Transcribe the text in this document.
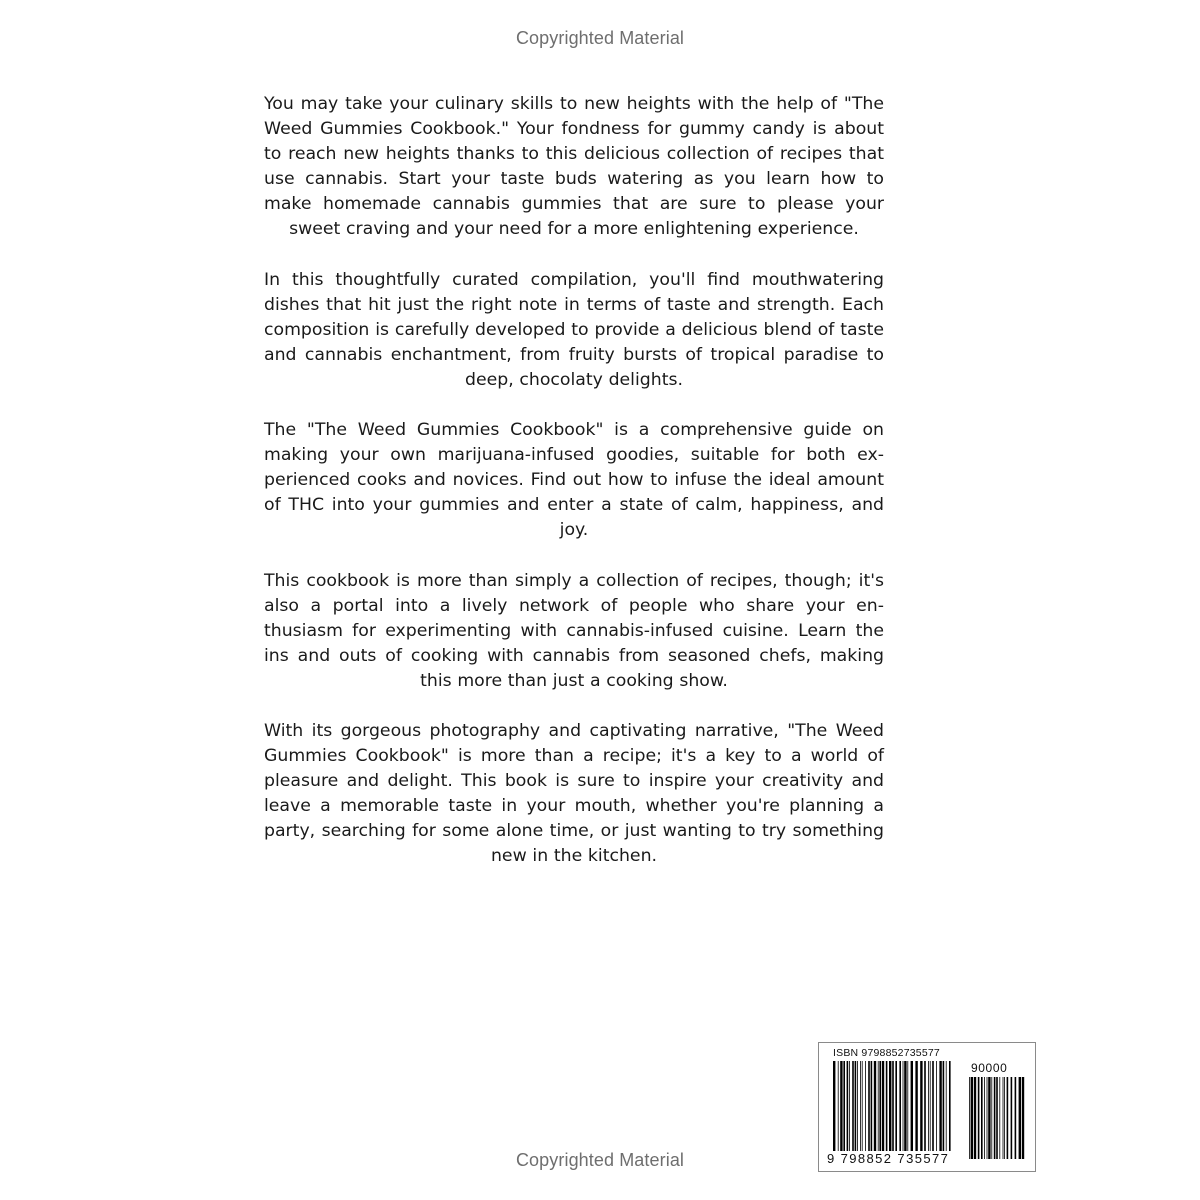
Copyrighted Material

You may take your culinary skills to new heights with the help of "The Weed Gummies Cookbook." Your fondness for gummy candy is about to reach new heights thanks to this delicious collection of recipes that use cannabis. Start your taste buds watering as you learn how to make homemade cannabis gummies that are sure to please your sweet craving and your need for a more enlightening experience.

In this thoughtfully curated compilation, you'll find mouthwatering dishes that hit just the right note in terms of taste and strength. Each composition is carefully developed to provide a delicious blend of taste and cannabis enchantment, from fruity bursts of tropical paradise to deep, chocolaty delights.

The "The Weed Gummies Cookbook" is a comprehensive guide on making your own marijuana-infused goodies, suitable for both experienced cooks and novices. Find out how to infuse the ideal amount of THC into your gummies and enter a state of calm, happiness, and joy.

This cookbook is more than simply a collection of recipes, though; it's also a portal into a lively network of people who share your enthusiasm for experimenting with cannabis-infused cuisine. Learn the ins and outs of cooking with cannabis from seasoned chefs, making this more than just a cooking show.

With its gorgeous photography and captivating narrative, "The Weed Gummies Cookbook" is more than a recipe; it's a key to a world of pleasure and delight. This book is sure to inspire your creativity and leave a memorable taste in your mouth, whether you're planning a party, searching for some alone time, or just wanting to try something new in the kitchen.

ISBN 9798852735577
90000
9 798852 735577
Copyrighted Material
